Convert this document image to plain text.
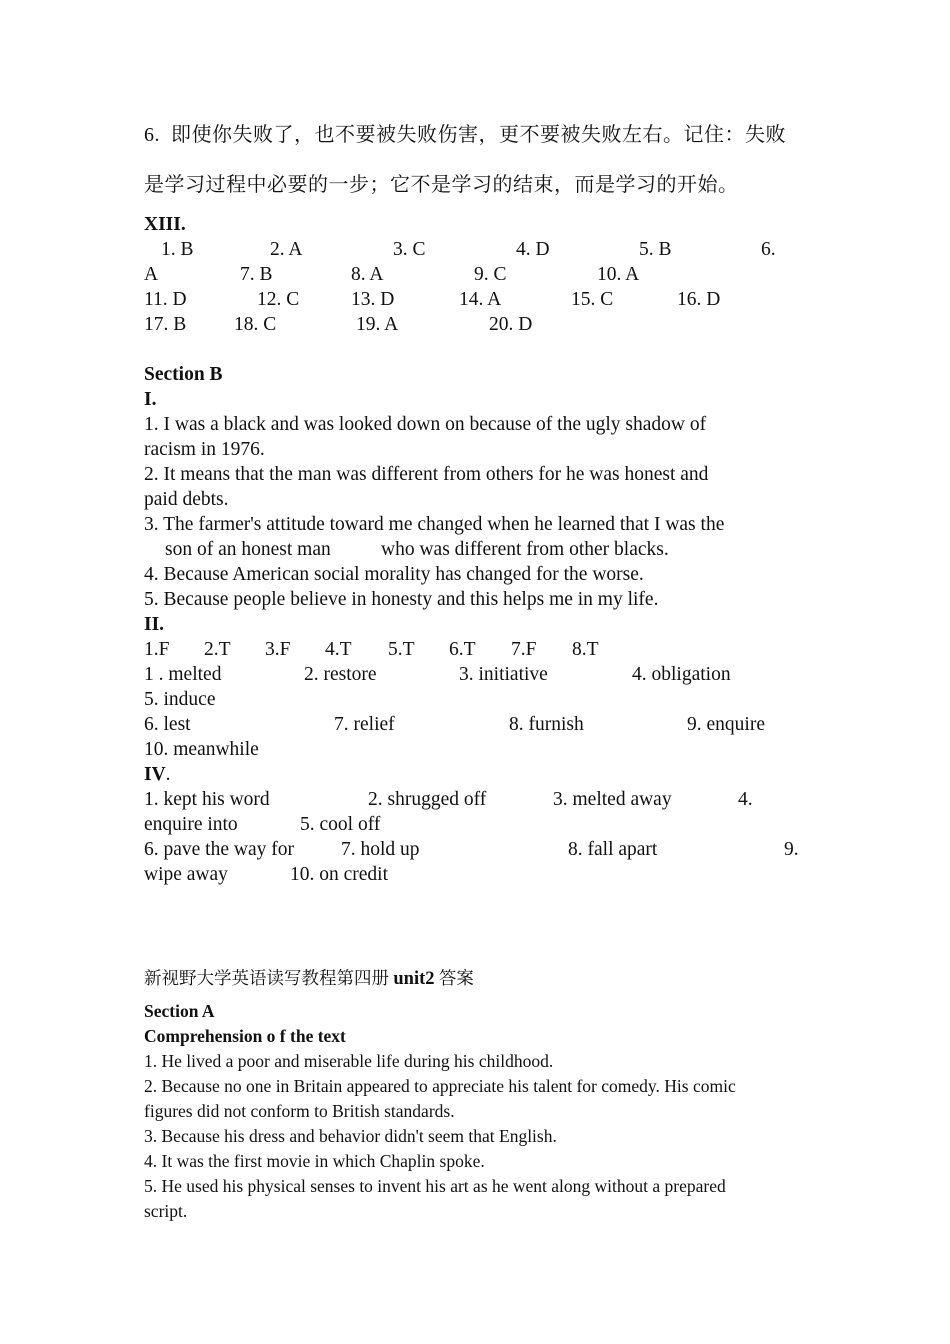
6.  即使你失败了，也不要被失败伤害，更不要被失败左右。记住：失败
是学习过程中必要的一步；它不是学习的结束，而是学习的开始。
XIII.
1. B	2. A	3. C	4. D	5. B	6.
A	7. B	8. A	9. C	10. A
11. D	12. C	13. D	14. A	15. C	16. D
17. B 18. C	19. A	20. D
Section B
I.
1. I was a black and was looked down on because of the ugly shadow of
racism in 1976.
2. It means that the man was different from others for he was honest and
paid debts.
3. The farmer's attitude toward me changed when he learned that I was the
son of an honest man	who was different from other blacks.
4. Because American social morality has changed for the worse.
5. Because people believe in honesty and this helps me in my life.
II.
1.F 2.T 3.F 4.T 5.T 6.T 7.F 8.T
1 . melted	2. restore	3. initiative	4. obligation
5. induce
6. lest	7. relief	8. furnish	9. enquire
10. meanwhile
IV.
1. kept his word	2. shrugged off	3. melted away	4.
enquire into	5. cool off
6. pave the way for 7. hold up	8. fall apart	9.
wipe away	10. on credit
新视野大学英语读写教程第四册 unit2 答案
Section A
Comprehension o f the text
1. He lived a poor and miserable life during his childhood.
2. Because no one in Britain appeared to appreciate his talent for comedy. His comic
figures did not conform to British standards.
3. Because his dress and behavior didn't seem that English.
4. It was the first movie in which Chaplin spoke.
5. He used his physical senses to invent his art as he went along without a prepared
script.
